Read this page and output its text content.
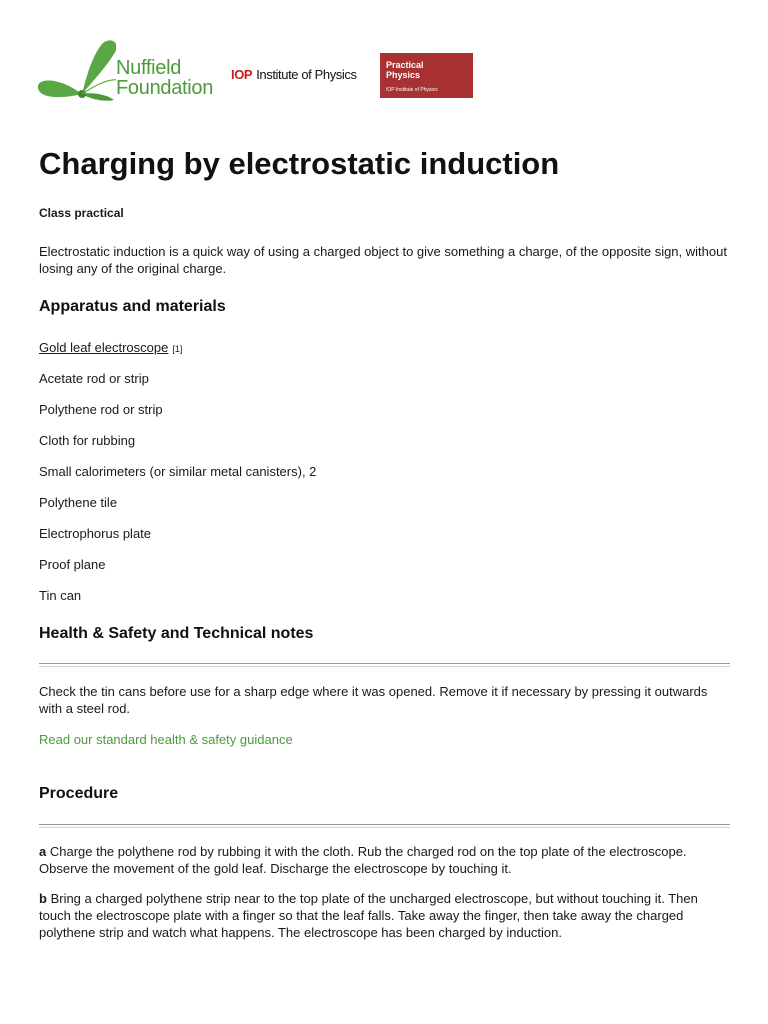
Nuffield
Foundation
IOP Institute of Physics
Practical
Physics
IOP Institute of Physics
Charging by electrostatic induction
Class practical
Electrostatic induction is a quick way of using a charged object to give something a charge, of the opposite sign, without losing any of the original charge.
Apparatus and materials
Gold leaf electroscope [1]
Acetate rod or strip
Polythene rod or strip
Cloth for rubbing
Small calorimeters (or similar metal canisters), 2
Polythene tile
Electrophorus plate
Proof plane
Tin can
Health & Safety and Technical notes
Check the tin cans before use for a sharp edge where it was opened. Remove it if necessary by pressing it outwards with a steel rod.
Read our standard health & safety guidance
Procedure
a Charge the polythene rod by rubbing it with the cloth. Rub the charged rod on the top plate of the electroscope. Observe the movement of the gold leaf. Discharge the electroscope by touching it.
b Bring a charged polythene strip near to the top plate of the uncharged electroscope, but without touching it. Then touch the electroscope plate with a finger so that the leaf falls. Take away the finger, then take away the charged polythene strip and watch what happens. The electroscope has been charged by induction.
